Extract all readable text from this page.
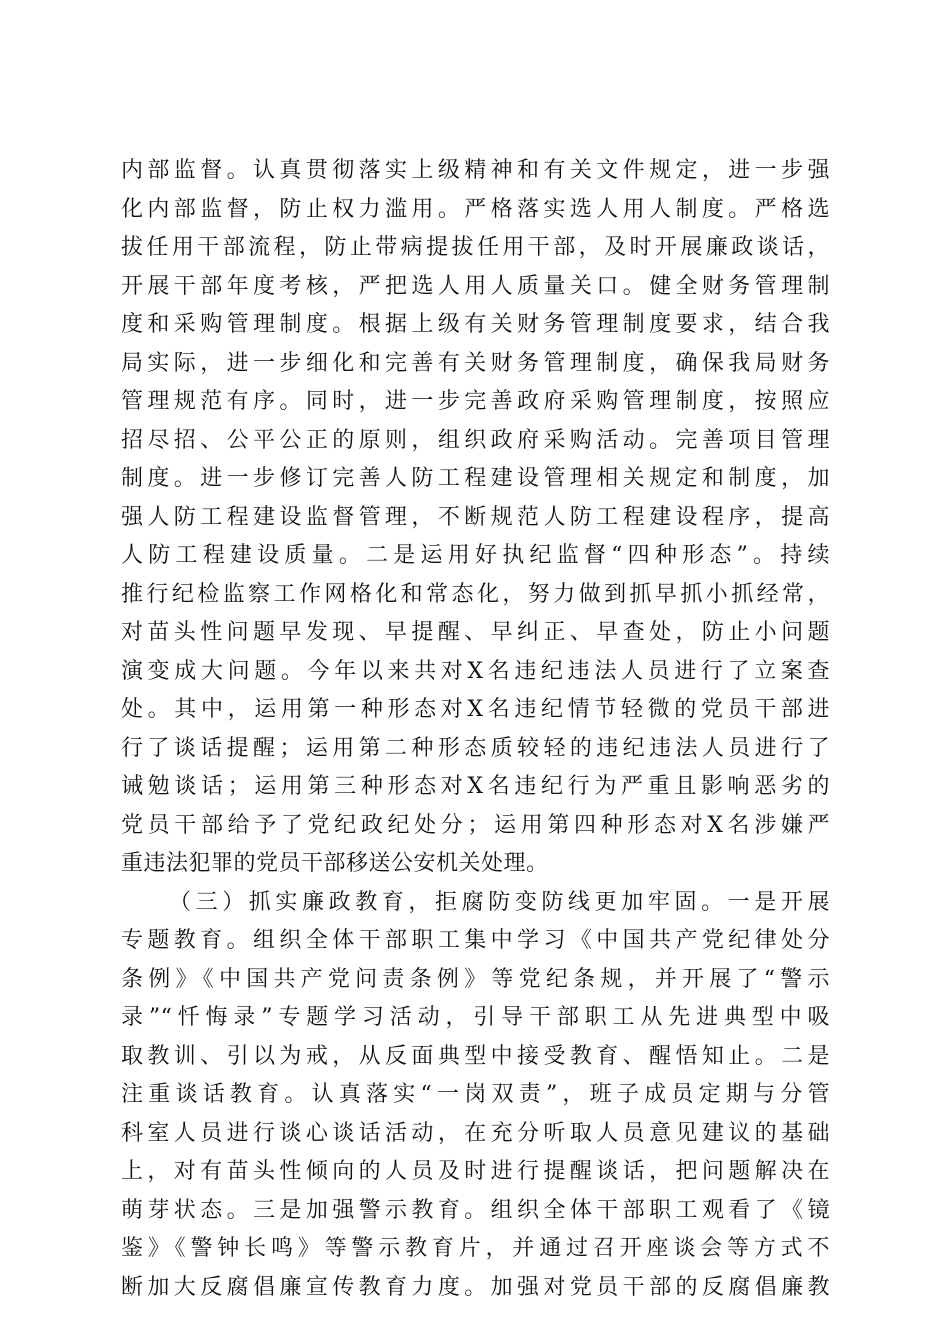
内部监督。认真贯彻落实上级精神和有关文件规定，进一步强
化内部监督，防止权力滥用。严格落实选人用人制度。严格选
拔任用干部流程，防止带病提拔任用干部，及时开展廉政谈话，
开展干部年度考核，严把选人用人质量关口。健全财务管理制
度和采购管理制度。根据上级有关财务管理制度要求，结合我
局实际，进一步细化和完善有关财务管理制度，确保我局财务
管理规范有序。同时，进一步完善政府采购管理制度，按照应
招尽招、公平公正的原则，组织政府采购活动。完善项目管理
制度。进一步修订完善人防工程建设管理相关规定和制度，加
强人防工程建设监督管理，不断规范人防工程建设程序，提高
人防工程建设质量。二是运用好执纪监督“四种形态”。持续
推行纪检监察工作网格化和常态化，努力做到抓早抓小抓经常，
对苗头性问题早发现、早提醒、早纠正、早查处，防止小问题
演变成大问题。今年以来共对X名违纪违法人员进行了立案查
处。其中，运用第一种形态对X名违纪情节轻微的党员干部进
行了谈话提醒；运用第二种形态质较轻的违纪违法人员进行了
诫勉谈话；运用第三种形态对X名违纪行为严重且影响恶劣的
党员干部给予了党纪政纪处分；运用第四种形态对X名涉嫌严
重违法犯罪的党员干部移送公安机关处理。
（三）抓实廉政教育，拒腐防变防线更加牢固。一是开展
专题教育。组织全体干部职工集中学习《中国共产党纪律处分
条例》《中国共产党问责条例》等党纪条规，并开展了“警示
录”“忏悔录”专题学习活动，引导干部职工从先进典型中吸
取教训、引以为戒，从反面典型中接受教育、醒悟知止。二是
注重谈话教育。认真落实“一岗双责”，班子成员定期与分管
科室人员进行谈心谈话活动，在充分听取人员意见建议的基础
上，对有苗头性倾向的人员及时进行提醒谈话，把问题解决在
萌芽状态。三是加强警示教育。组织全体干部职工观看了《镜
鉴》《警钟长鸣》等警示教育片，并通过召开座谈会等方式不
断加大反腐倡廉宣传教育力度。加强对党员干部的反腐倡廉教
